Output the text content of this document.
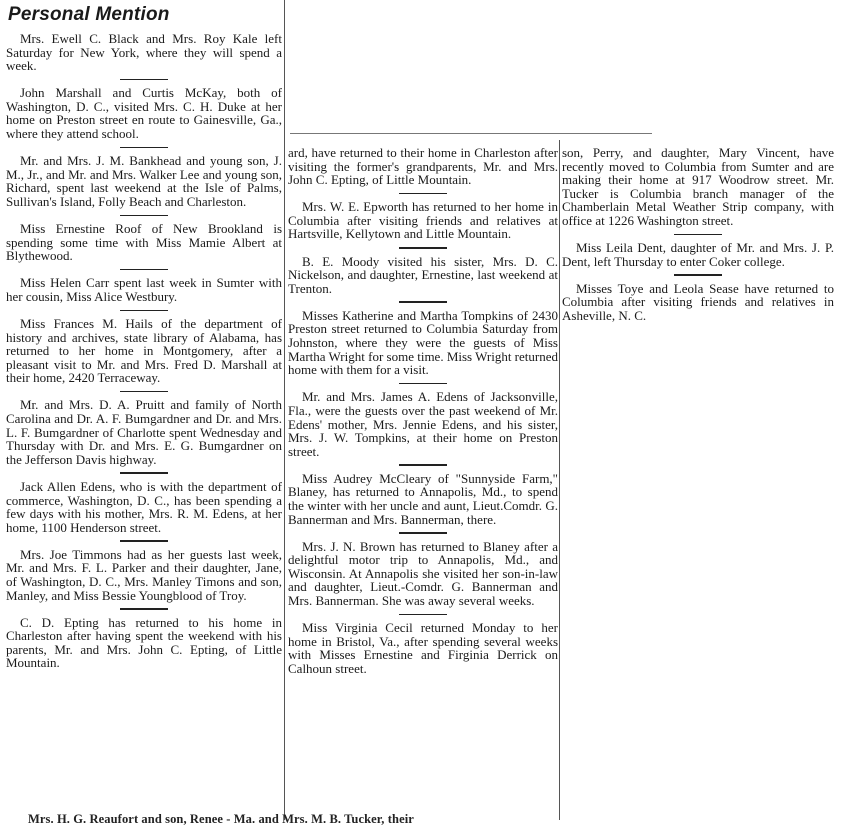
Personal Mention

Mrs. Ewell C. Black and Mrs. Roy Kale left Saturday for New York, where they will spend a week.

John Marshall and Curtis McKay, both of Washington, D. C., visited Mrs. C. H. Duke at her home on Preston street en route to Gainesville, Ga., where they attend school.

Mr. and Mrs. J. M. Bankhead and young son, J. M., Jr., and Mr. and Mrs. Walker Lee and young son, Richard, spent last weekend at the Isle of Palms, Sullivan's Island, Folly Beach and Charleston.

Miss Ernestine Roof of New Brookland is spending some time with Miss Mamie Albert at Blythewood.

Miss Helen Carr spent last week in Sumter with her cousin, Miss Alice Westbury.

Miss Frances M. Hails of the department of history and archives, state library of Alabama, has returned to her home in Montgomery, after a pleasant visit to Mr. and Mrs. Fred D. Marshall at their home, 2420 Terraceway.

Mr. and Mrs. D. A. Pruitt and family of North Carolina and Dr. A. F. Bumgardner and Dr. and Mrs. L. F. Bumgardner of Charlotte spent Wednesday and Thursday with Dr. and Mrs. E. G. Bumgardner on the Jefferson Davis highway.

Jack Allen Edens, who is with the department of commerce, Washington, D. C., has been spending a few days with his mother, Mrs. R. M. Edens, at her home, 1100 Henderson street.

Mrs. Joe Timmons had as her guests last week, Mr. and Mrs. F. L. Parker and their daughter, Jane, of Washington, D. C., Mrs. Manley Timons and son, Manley, and Miss Bessie Youngblood of Troy.

C. D. Epting has returned to his home in Charleston after having spent the weekend with his parents, Mr. and Mrs. John C. Epting, of Little Mountain.

ard, have returned to their home in Charleston after visiting the former's grandparents, Mr. and Mrs. John C. Epting, of Little Mountain.

Mrs. W. E. Epworth has returned to her home in Columbia after visiting friends and relatives at Hartsville, Kellytown and Little Mountain.

B. E. Moody visited his sister, Mrs. D. C. Nickelson, and daughter, Ernestine, last weekend at Trenton.

Misses Katherine and Martha Tompkins of 2430 Preston street returned to Columbia Saturday from Johnston, where they were the guests of Miss Martha Wright for some time. Miss Wright returned home with them for a visit.

Mr. and Mrs. James A. Edens of Jacksonville, Fla., were the guests over the past weekend of Mr. Edens' mother, Mrs. Jennie Edens, and his sister, Mrs. J. W. Tompkins, at their home on Preston street.

Miss Audrey McCleary of "Sunnyside Farm," Blaney, has returned to Annapolis, Md., to spend the winter with her uncle and aunt, Lieut.Comdr. G. Bannerman and Mrs. Bannerman, there.

Mrs. J. N. Brown has returned to Blaney after a delightful motor trip to Annapolis, Md., and Wisconsin. At Annapolis she visited her son-in-law and daughter, Lieut.-Comdr. G. Bannerman and Mrs. Bannerman. She was away several weeks.

Miss Virginia Cecil returned Monday to her home in Bristol, Va., after spending several weeks with Misses Ernestine and Firginia Derrick on Calhoun street.

son, Perry, and daughter, Mary Vincent, have recently moved to Columbia from Sumter and are making their home at 917 Woodrow street. Mr. Tucker is Columbia branch manager of the Chamberlain Metal Weather Strip company, with office at 1226 Washington street.

Miss Leila Dent, daughter of Mr. and Mrs. J. P. Dent, left Thursday to enter Coker college.

Misses Toye and Leola Sease have returned to Columbia after visiting friends and relatives in Asheville, N. C.

Mrs. H. G. Reaufort and son, Renee - Ma. and Mrs. M. B. Tucker, their
